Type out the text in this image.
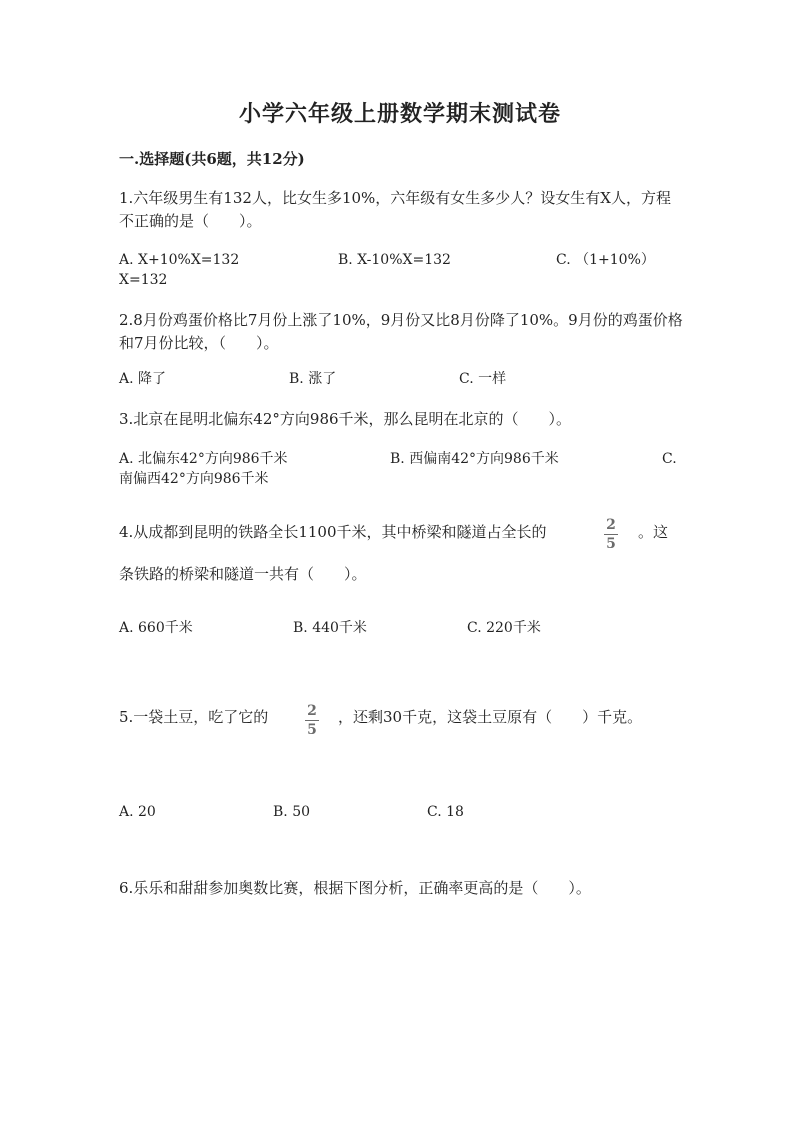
小学六年级上册数学期末测试卷
一.选择题(共6题，共12分)
1.六年级男生有132人，比女生多10%，六年级有女生多少人？设女生有X人，方程不正确的是（　　）。
A. X+10%X=132	B. X-10%X=132	C. （1+10%）X=132
2.8月份鸡蛋价格比7月份上涨了10%，9月份又比8月份降了10%。9月份的鸡蛋价格和7月份比较，（　　）。
A. 降了	B. 涨了	C. 一样
3.北京在昆明北偏东42°方向986千米，那么昆明在北京的（　　）。
A. 北偏东42°方向986千米	B. 西偏南42°方向986千米	C. 南偏西42°方向986千米
4.从成都到昆明的铁路全长1100千米，其中桥梁和隧道占全长的	2
5
。这
条铁路的桥梁和隧道一共有（　　）。
A. 660千米	B. 440千米	C. 220千米
5.一袋土豆，吃了它的	2
5
，还剩30千克，这袋土豆原有（　　）千克。
A. 20	B. 50	C. 18
6.乐乐和甜甜参加奥数比赛，根据下图分析，正确率更高的是（　　）。
